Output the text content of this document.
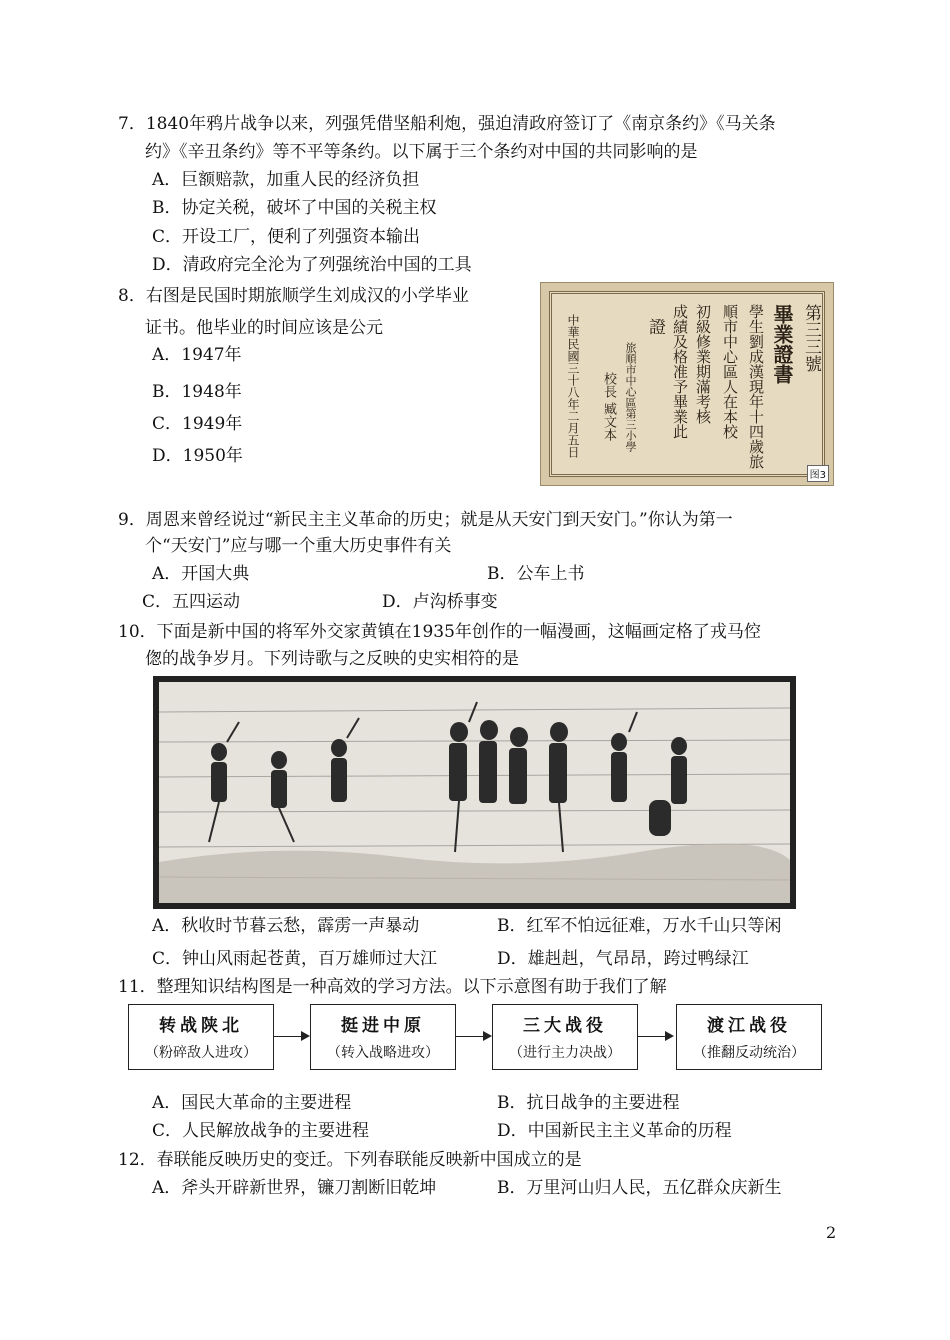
7．1840年鸦片战争以来，列强凭借坚船利炮，强迫清政府签订了《南京条约》《马关条
约》《辛丑条约》等不平等条约。以下属于三个条约对中国的共同影响的是
A．巨额赔款，加重人民的经济负担
B．协定关税，破坏了中国的关税主权
C．开设工厂，便利了列强资本输出
D．清政府完全沦为了列强统治中国的工具
8．右图是民国时期旅顺学生刘成汉的小学毕业
证书。他毕业的时间应该是公元
A．1947年
B．1948年
C．1949年
D．1950年
第三三號
畢業證書
學生劉成漢現年十四歲旅
順市中心區人在本校
初級修業期滿考核
成績及格准予畢業此
證
旅順市中心區第三小學
校長 臧文本
中華民國三十八年二月五日
图3
9．周恩来曾经说过“新民主主义革命的历史；就是从天安门到天安门。”你认为第一
个“天安门”应与哪一个重大历史事件有关
A．开国大典	B．公车上书
C．五四运动	D．卢沟桥事变
10．下面是新中国的将军外交家黄镇在1935年创作的一幅漫画，这幅画定格了戎马倥
偬的战争岁月。下列诗歌与之反映的史实相符的是
A．秋收时节暮云愁，霹雳一声暴动	B．红军不怕远征难，万水千山只等闲
C．钟山风雨起苍黄，百万雄师过大江	D．雄赳赳，气昂昂，跨过鸭绿江
11．整理知识结构图是一种高效的学习方法。以下示意图有助于我们了解
转战陕北
（粉碎敌人进攻）
挺进中原
（转入战略进攻）
三大战役
（进行主力决战）
渡江战役
（推翻反动统治）
A．国民大革命的主要进程	B．抗日战争的主要进程
C．人民解放战争的主要进程	D．中国新民主主义革命的历程
12．春联能反映历史的变迁。下列春联能反映新中国成立的是
A．斧头开辟新世界，镰刀割断旧乾坤	B．万里河山归人民，五亿群众庆新生
2
